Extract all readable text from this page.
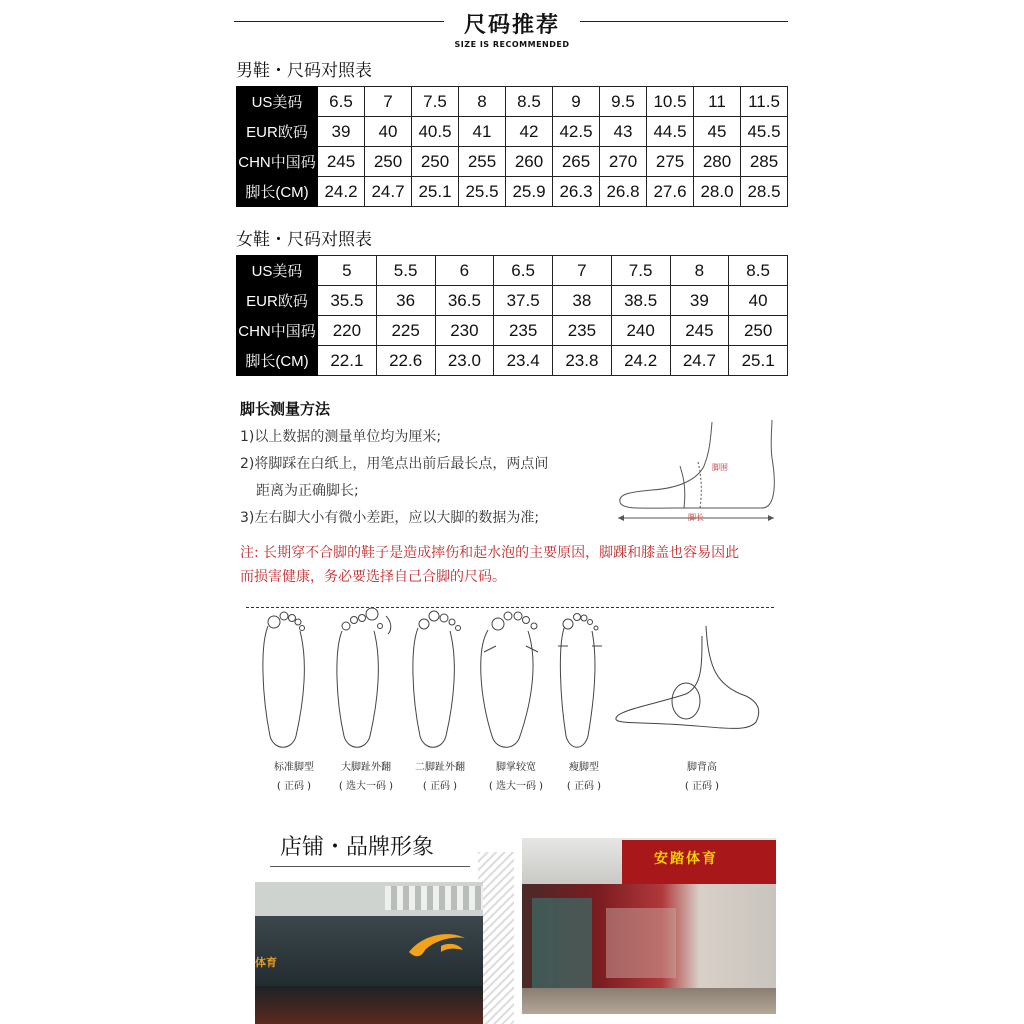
尺码推荐
SIZE IS RECOMMENDED
男鞋・尺码对照表
US美码	6.5	7	7.5	8	8.5	9	9.5	10.5	11	11.5
EUR欧码	39	40	40.5	41	42	42.5	43	44.5	45	45.5
CHN中国码	245	250	250	255	260	265	270	275	280	285
脚长(CM)	24.2	24.7	25.1	25.5	25.9	26.3	26.8	27.6	28.0	28.5
女鞋・尺码对照表
US美码	5	5.5	6	6.5	7	7.5	8	8.5
EUR欧码	35.5	36	36.5	37.5	38	38.5	39	40
CHN中国码	220	225	230	235	235	240	245	250
脚长(CM)	22.1	22.6	23.0	23.4	23.8	24.2	24.7	25.1
脚长测量方法
1)以上数据的测量单位均为厘米;
2)将脚踩在白纸上，用笔点出前后最长点，两点间
距离为正确脚长;
3)左右脚大小有微小差距，应以大脚的数据为准;
脚围
脚长
注: 长期穿不合脚的鞋子是造成摔伤和起水泡的主要原因，脚踝和膝盖也容易因此
而损害健康，务必要选择自己合脚的尺码。
标准脚型
( 正码 )
大脚趾外翻
( 选大一码 )
二脚趾外翻
( 正码 )
脚掌较宽
( 选大一码 )
瘦脚型
( 正码 )
脚背高
( 正码 )
店铺・品牌形象
体育
安踏体育
